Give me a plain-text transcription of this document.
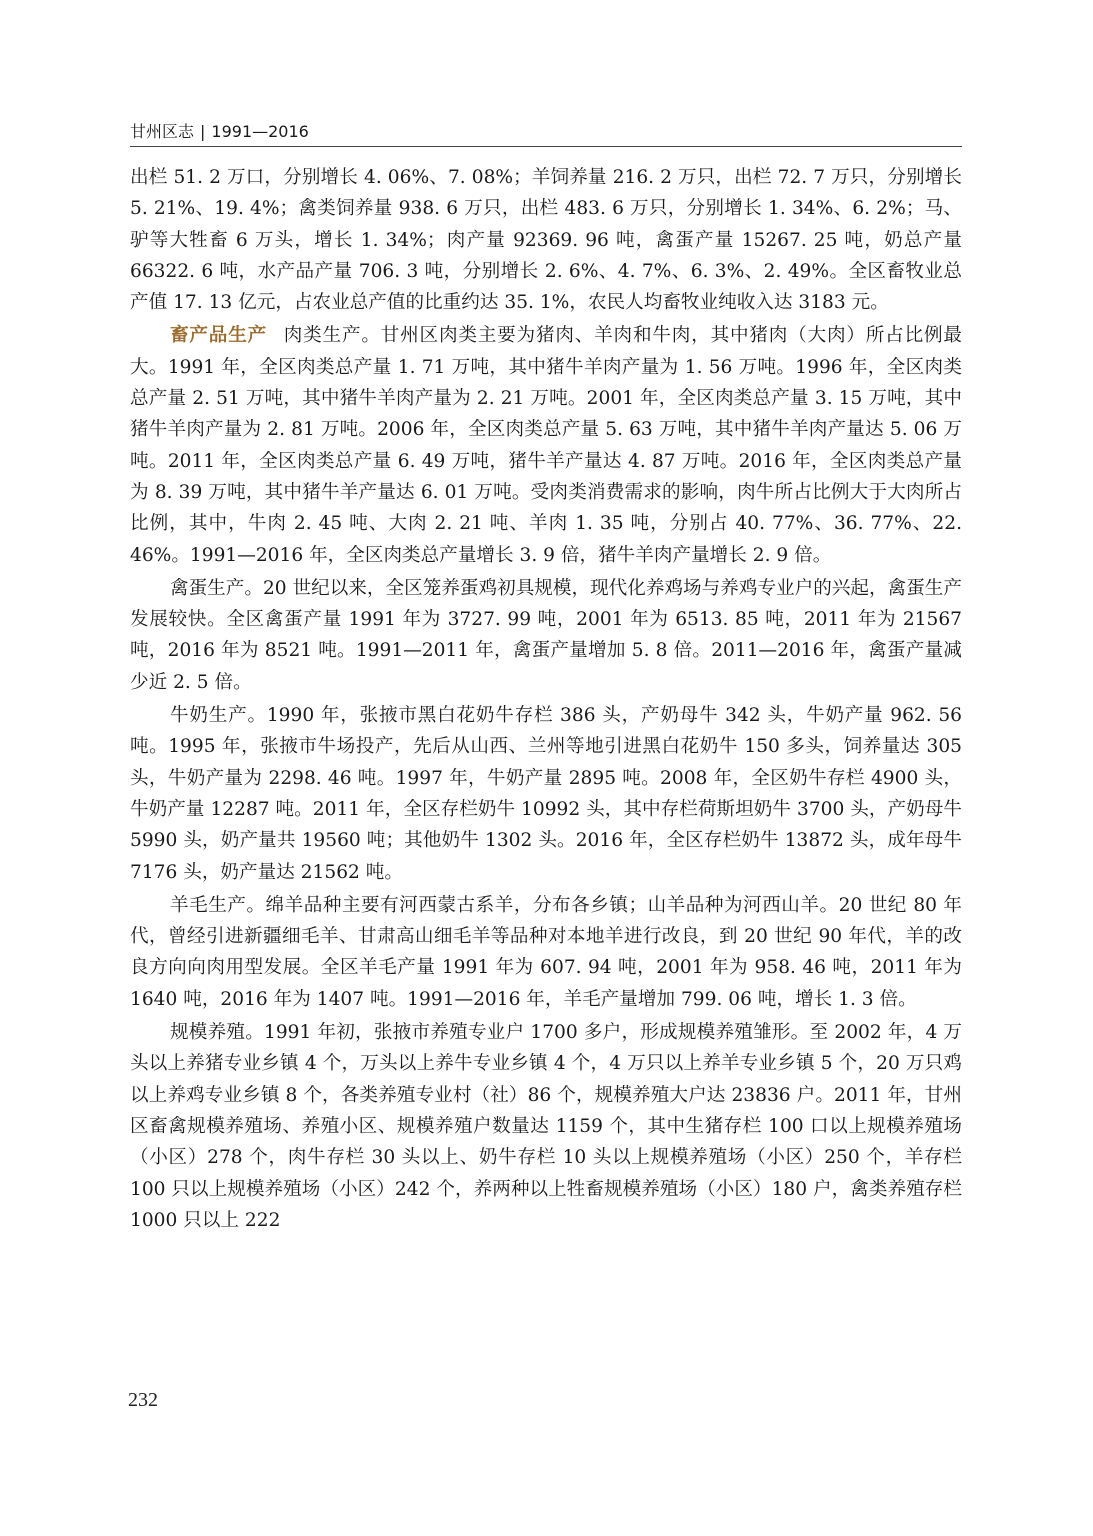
甘州区志 | 1991—2016

出栏 51. 2 万口，分别增长 4. 06%、7. 08%；羊饲养量 216. 2 万只，出栏 72. 7 万只，分别增长 5. 21%、19. 4%；禽类饲养量 938. 6 万只，出栏 483. 6 万只，分别增长 1. 34%、6. 2%；马、驴等大牲畜 6 万头，增长 1. 34%；肉产量 92369. 96 吨，禽蛋产量 15267. 25 吨，奶总产量 66322. 6 吨，水产品产量 706. 3 吨，分别增长 2. 6%、4. 7%、6. 3%、2. 49%。全区畜牧业总产值 17. 13 亿元，占农业总产值的比重约达 35. 1%，农民人均畜牧业纯收入达 3183 元。

畜产品生产 肉类生产。甘州区肉类主要为猪肉、羊肉和牛肉，其中猪肉（大肉）所占比例最大。1991 年，全区肉类总产量 1. 71 万吨，其中猪牛羊肉产量为 1. 56 万吨。1996 年，全区肉类总产量 2. 51 万吨，其中猪牛羊肉产量为 2. 21 万吨。2001 年，全区肉类总产量 3. 15 万吨，其中猪牛羊肉产量为 2. 81 万吨。2006 年，全区肉类总产量 5. 63 万吨，其中猪牛羊肉产量达 5. 06 万吨。2011 年，全区肉类总产量 6. 49 万吨，猪牛羊产量达 4. 87 万吨。2016 年，全区肉类总产量为 8. 39 万吨，其中猪牛羊产量达 6. 01 万吨。受肉类消费需求的影响，肉牛所占比例大于大肉所占比例，其中，牛肉 2. 45 吨、大肉 2. 21 吨、羊肉 1. 35 吨，分别占 40. 77%、36. 77%、22. 46%。1991—2016 年，全区肉类总产量增长 3. 9 倍，猪牛羊肉产量增长 2. 9 倍。

禽蛋生产。20 世纪以来，全区笼养蛋鸡初具规模，现代化养鸡场与养鸡专业户的兴起，禽蛋生产发展较快。全区禽蛋产量 1991 年为 3727. 99 吨，2001 年为 6513. 85 吨，2011 年为 21567 吨，2016 年为 8521 吨。1991—2011 年，禽蛋产量增加 5. 8 倍。2011—2016 年，禽蛋产量减少近 2. 5 倍。

牛奶生产。1990 年，张掖市黑白花奶牛存栏 386 头，产奶母牛 342 头，牛奶产量 962. 56 吨。1995 年，张掖市牛场投产，先后从山西、兰州等地引进黑白花奶牛 150 多头，饲养量达 305 头，牛奶产量为 2298. 46 吨。1997 年，牛奶产量 2895 吨。2008 年，全区奶牛存栏 4900 头，牛奶产量 12287 吨。2011 年，全区存栏奶牛 10992 头，其中存栏荷斯坦奶牛 3700 头，产奶母牛 5990 头，奶产量共 19560 吨；其他奶牛 1302 头。2016 年，全区存栏奶牛 13872 头，成年母牛 7176 头，奶产量达 21562 吨。

羊毛生产。绵羊品种主要有河西蒙古系羊，分布各乡镇；山羊品种为河西山羊。20 世纪 80 年代，曾经引进新疆细毛羊、甘肃高山细毛羊等品种对本地羊进行改良，到 20 世纪 90 年代，羊的改良方向向肉用型发展。全区羊毛产量 1991 年为 607. 94 吨，2001 年为 958. 46 吨，2011 年为 1640 吨，2016 年为 1407 吨。1991—2016 年，羊毛产量增加 799. 06 吨，增长 1. 3 倍。

规模养殖。1991 年初，张掖市养殖专业户 1700 多户，形成规模养殖雏形。至 2002 年，4 万头以上养猪专业乡镇 4 个，万头以上养牛专业乡镇 4 个，4 万只以上养羊专业乡镇 5 个，20 万只鸡以上养鸡专业乡镇 8 个，各类养殖专业村（社）86 个，规模养殖大户达 23836 户。2011 年，甘州区畜禽规模养殖场、养殖小区、规模养殖户数量达 1159 个，其中生猪存栏 100 口以上规模养殖场（小区）278 个，肉牛存栏 30 头以上、奶牛存栏 10 头以上规模养殖场（小区）250 个，羊存栏 100 只以上规模养殖场（小区）242 个，养两种以上牲畜规模养殖场（小区）180 户，禽类养殖存栏 1000 只以上 222

232
